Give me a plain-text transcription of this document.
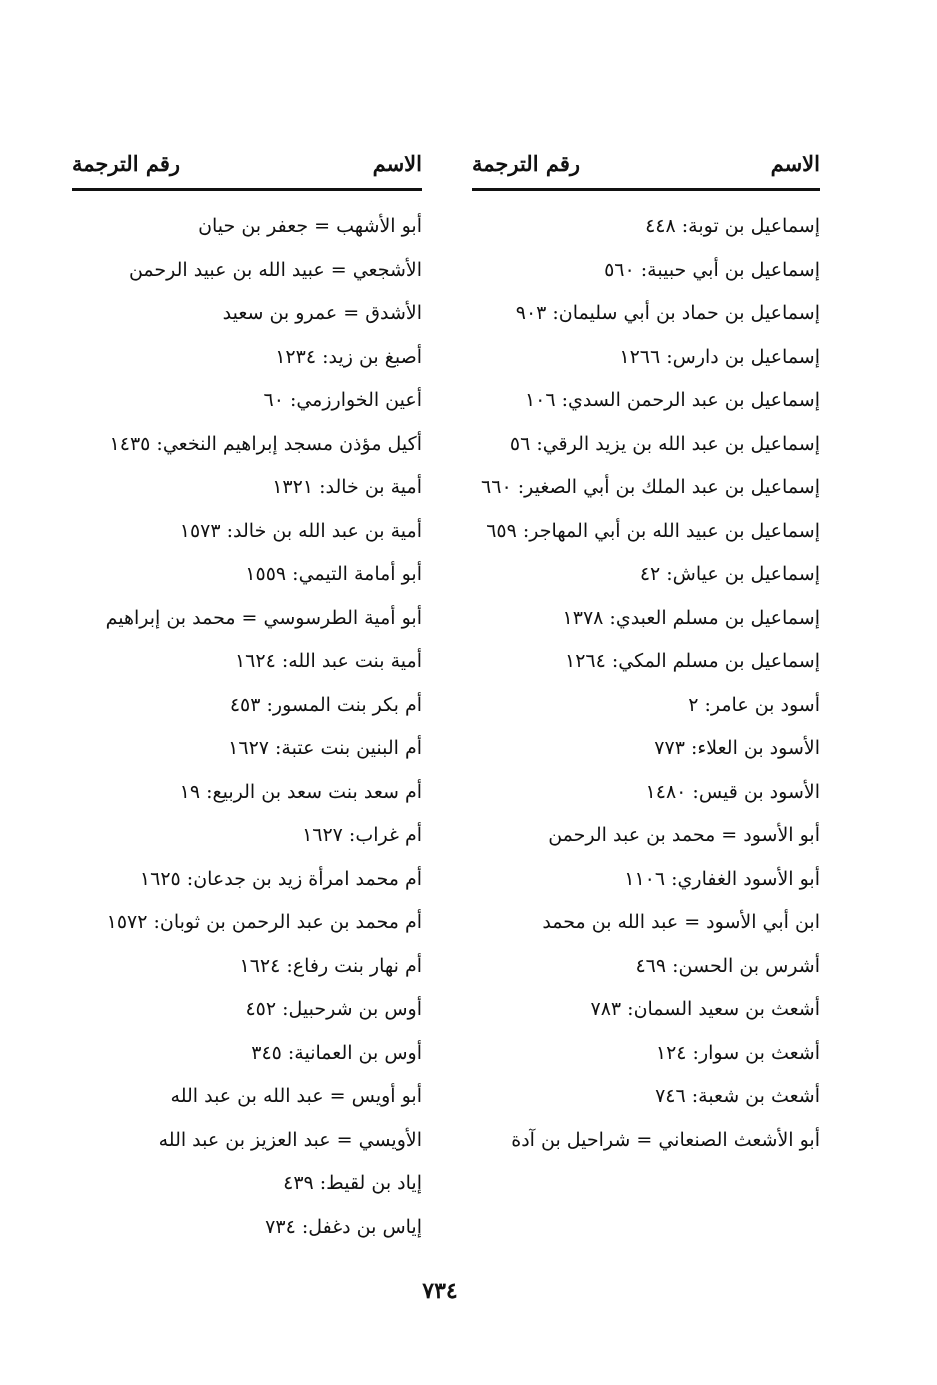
الاسم
رقم الترجمة
إسماعيل بن توبة: ٤٤٨
إسماعيل بن أبي حبيبة: ٥٦٠
إسماعيل بن حماد بن أبي سليمان: ٩٠٣
إسماعيل بن دارس: ١٢٦٦
إسماعيل بن عبد الرحمن السدي: ١٠٦
إسماعيل بن عبد الله بن يزيد الرقي: ٥٦
إسماعيل بن عبد الملك بن أبي الصغير: ٦٦٠
إسماعيل بن عبيد الله بن أبي المهاجر: ٦٥٩
إسماعيل بن عياش: ٤٢
إسماعيل بن مسلم العبدي: ١٣٧٨
إسماعيل بن مسلم المكي: ١٢٦٤
أسود بن عامر: ٢
الأسود بن العلاء: ٧٧٣
الأسود بن قيس: ١٤٨٠
أبو الأسود = محمد بن عبد الرحمن
أبو الأسود الغفاري: ١١٠٦
ابن أبي الأسود = عبد الله بن محمد
أشرس بن الحسن: ٤٦٩
أشعث بن سعيد السمان: ٧٨٣
أشعث بن سوار: ١٢٤
أشعث بن شعبة: ٧٤٦
أبو الأشعث الصنعاني = شراحيل بن آدة
الاسم
رقم الترجمة
أبو الأشهب = جعفر بن حيان
الأشجعي = عبيد الله بن عبيد الرحمن
الأشدق = عمرو بن سعيد
أصبغ بن زيد: ١٢٣٤
أعين الخوارزمي: ٦٠
أكيل مؤذن مسجد إبراهيم النخعي: ١٤٣٥
أمية بن خالد: ١٣٢١
أمية بن عبد الله بن خالد: ١٥٧٣
أبو أمامة التيمي: ١٥٥٩
أبو أمية الطرسوسي = محمد بن إبراهيم
أمية بنت عبد الله: ١٦٢٤
أم بكر بنت المسور: ٤٥٣
أم البنين بنت عتبة: ١٦٢٧
أم سعد بنت سعد بن الربيع: ١٩
أم غراب: ١٦٢٧
أم محمد امرأة زيد بن جدعان: ١٦٢٥
أم محمد بن عبد الرحمن بن ثوبان: ١٥٧٢
أم نهار بنت رفاع: ١٦٢٤
أوس بن شرحبيل: ٤٥٢
أوس بن العمانية: ٣٤٥
أبو أويس = عبد الله بن عبد الله
الأويسي = عبد العزيز بن عبد الله
إياد بن لقيط: ٤٣٩
إياس بن دغفل: ٧٣٤
٧٣٤
